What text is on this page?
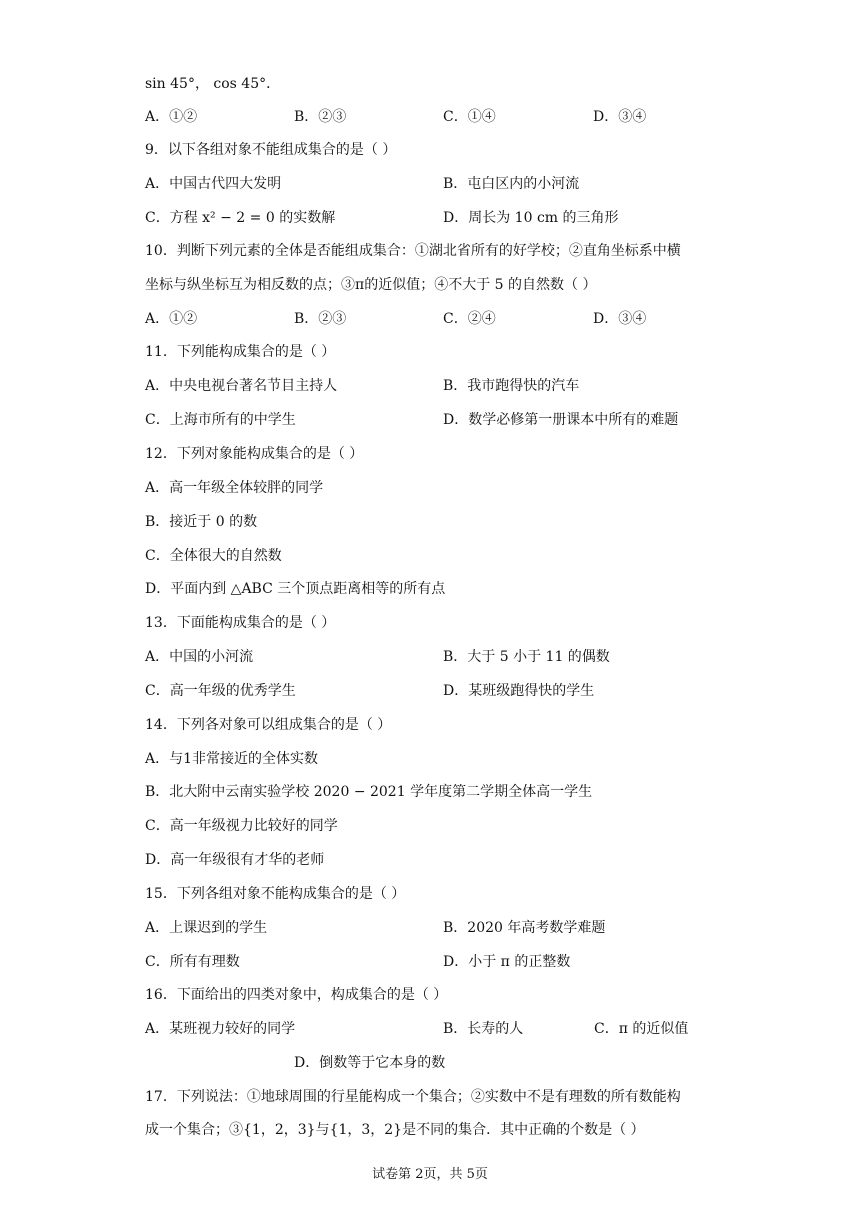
sin 45°， cos 45°．
A．①②	B．②③	C．①④	D．③④
9．以下各组对象不能组成集合的是（ ）
A．中国古代四大发明	B．屯白区内的小河流
C．方程 x² − 2 = 0 的实数解	D．周长为 10 cm 的三角形
10．判断下列元素的全体是否能组成集合：①湖北省所有的好学校；②直角坐标系中横
坐标与纵坐标互为相反数的点；③π的近似值；④不大于 5 的自然数（ ）
A．①②	B．②③	C．②④	D．③④
11．下列能构成集合的是（ ）
A．中央电视台著名节目主持人	B．我市跑得快的汽车
C．上海市所有的中学生	D．数学必修第一册课本中所有的难题
12．下列对象能构成集合的是（ ）
A．高一年级全体较胖的同学
B．接近于 0 的数
C．全体很大的自然数
D．平面内到 △ABC 三个顶点距离相等的所有点
13．下面能构成集合的是（ ）
A．中国的小河流	B．大于 5 小于 11 的偶数
C．高一年级的优秀学生	D．某班级跑得快的学生
14．下列各对象可以组成集合的是（ ）
A．与1非常接近的全体实数
B．北大附中云南实验学校 2020 − 2021 学年度第二学期全体高一学生
C．高一年级视力比较好的同学
D．高一年级很有才华的老师
15．下列各组对象不能构成集合的是（ ）
A．上课迟到的学生	B．2020 年高考数学难题
C．所有有理数	D．小于 π 的正整数
16．下面给出的四类对象中，构成集合的是（ ）
A．某班视力较好的同学	B．长寿的人	C．π 的近似值
D．倒数等于它本身的数
17．下列说法：①地球周围的行星能构成一个集合；②实数中不是有理数的所有数能构
成一个集合；③{1，2，3}与{1，3，2}是不同的集合．其中正确的个数是（ ）
试卷第 2页，共 5页
